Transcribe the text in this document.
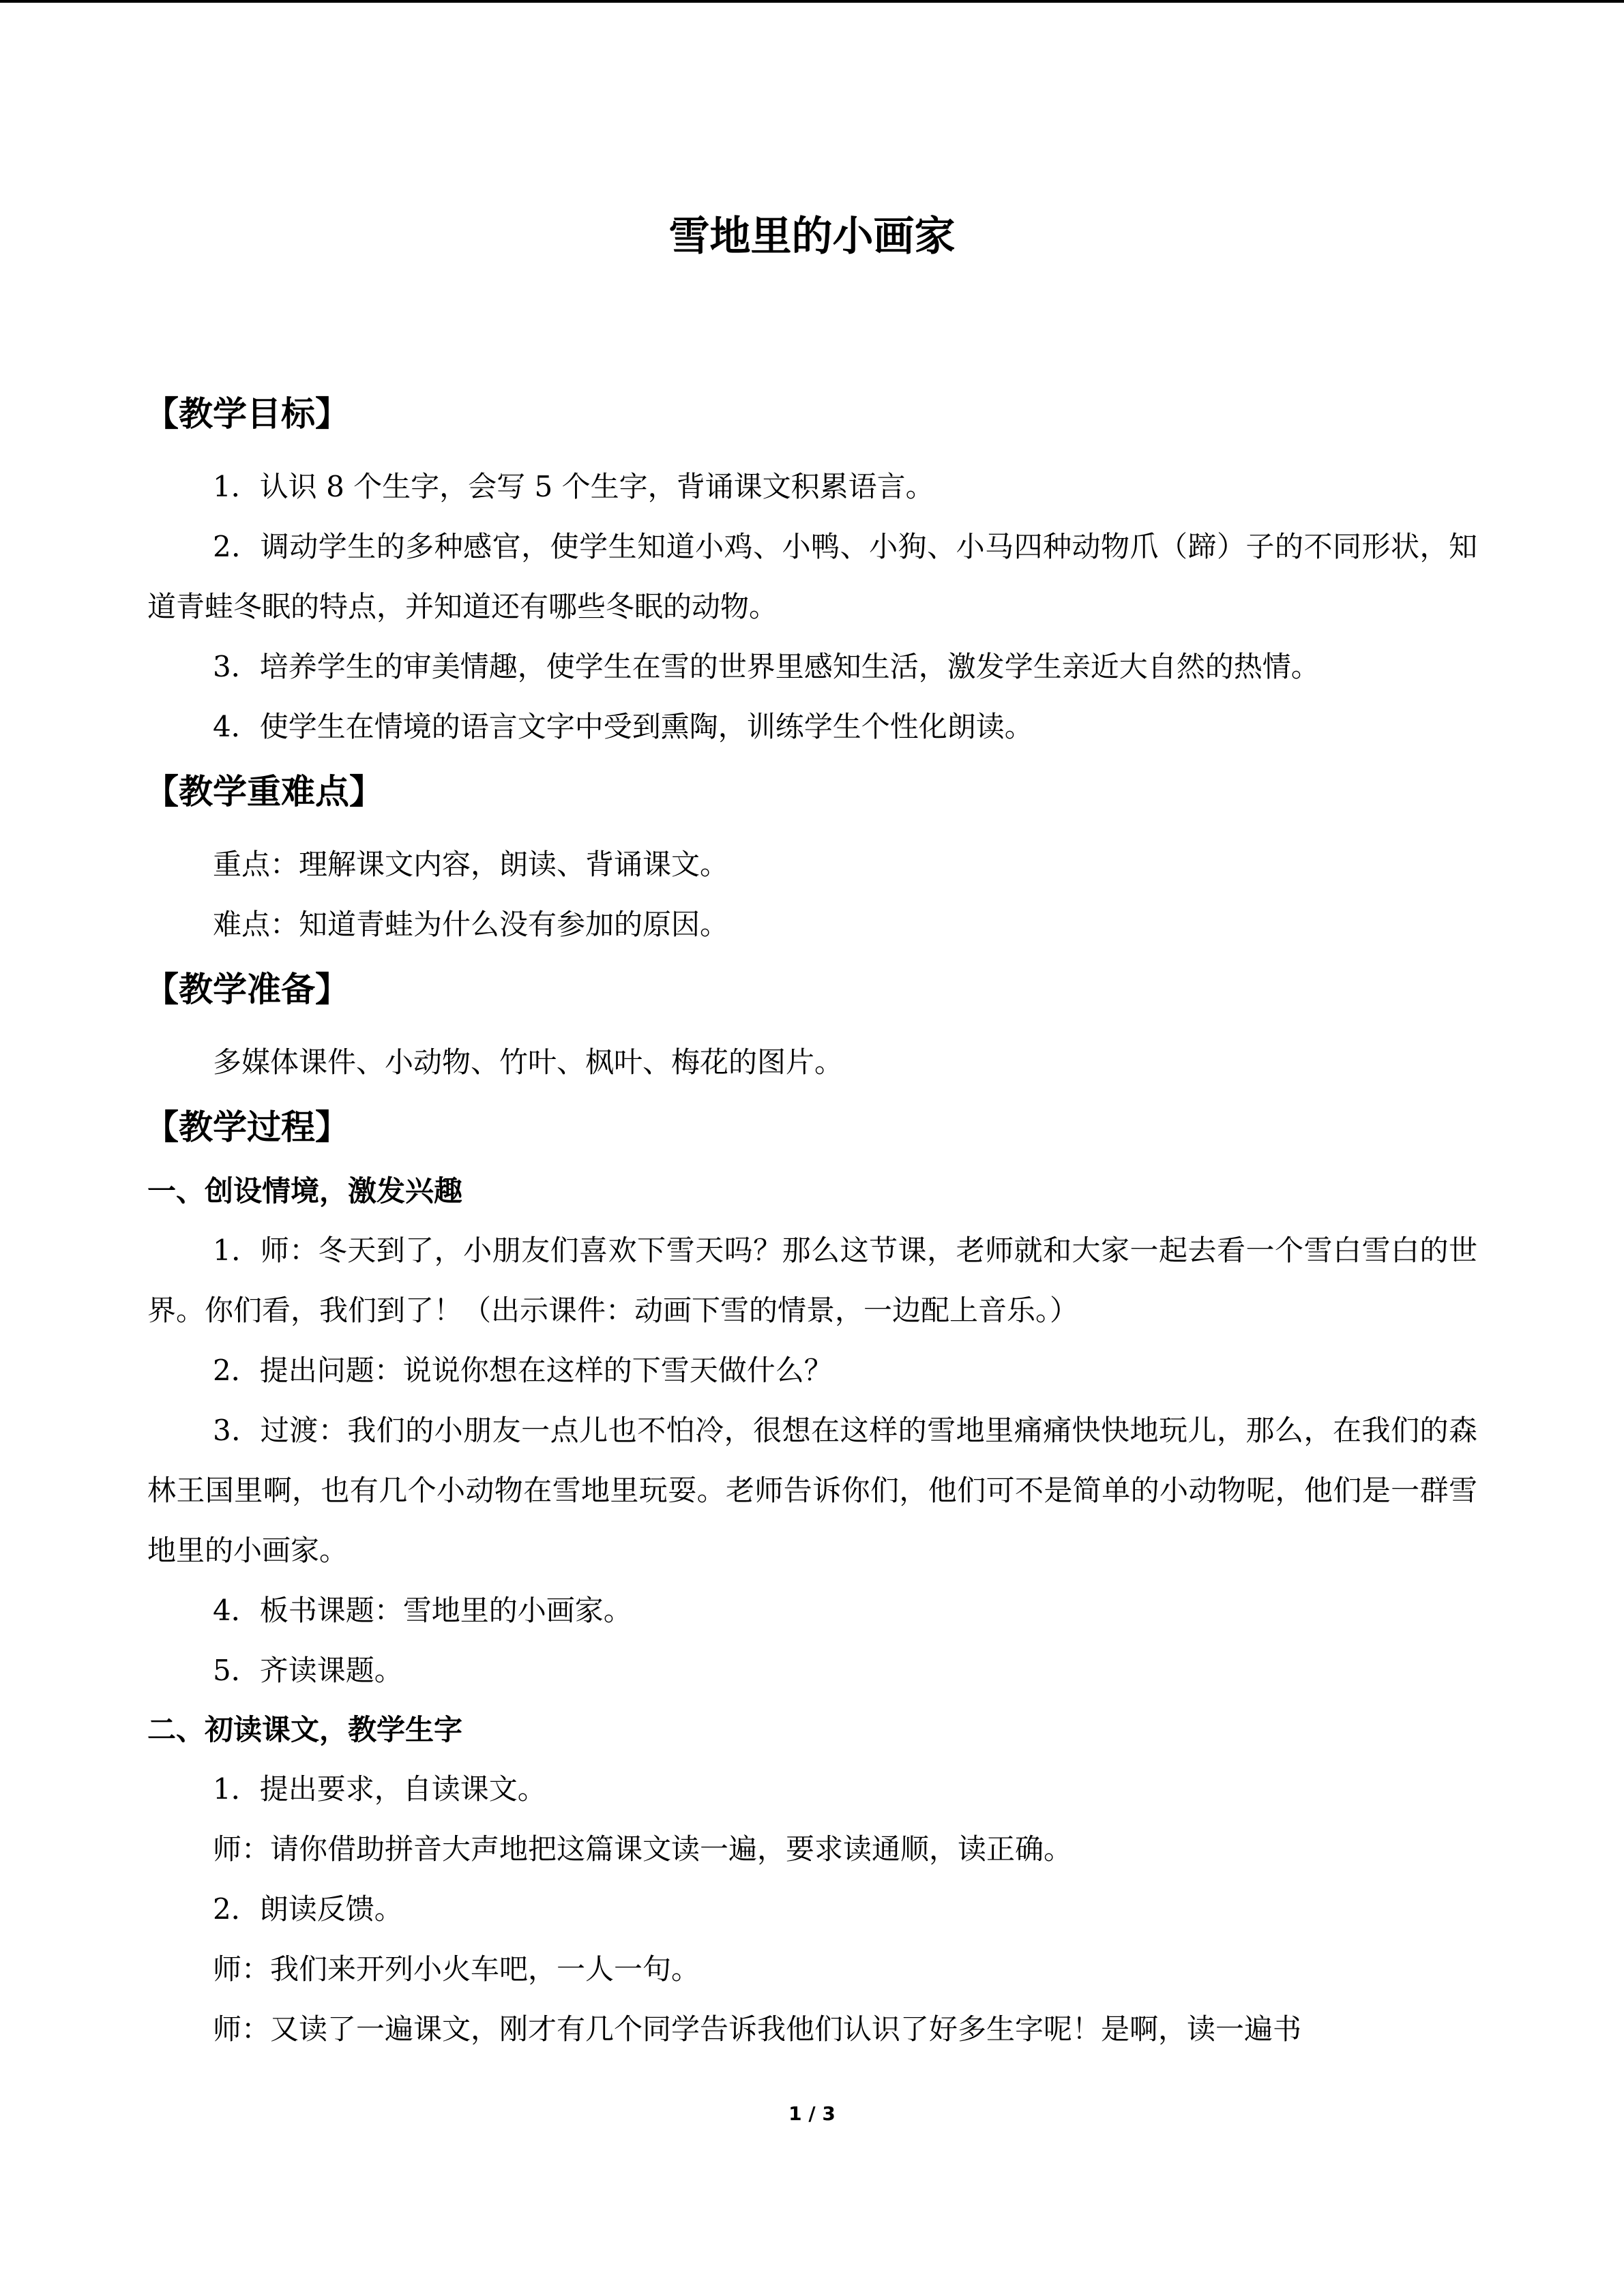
雪地里的小画家
【教学目标】

1．认识 8 个生字，会写 5 个生字，背诵课文积累语言。

2．调动学生的多种感官，使学生知道小鸡、小鸭、小狗、小马四种动物爪（蹄）子的不同形状，知道青蛙冬眠的特点，并知道还有哪些冬眠的动物。

3．培养学生的审美情趣，使学生在雪的世界里感知生活，激发学生亲近大自然的热情。

4．使学生在情境的语言文字中受到熏陶，训练学生个性化朗读。

【教学重难点】

重点：理解课文内容，朗读、背诵课文。

难点：知道青蛙为什么没有参加的原因。

【教学准备】

多媒体课件、小动物、竹叶、枫叶、梅花的图片。

【教学过程】
一、创设情境，激发兴趣

1．师：冬天到了，小朋友们喜欢下雪天吗？那么这节课，老师就和大家一起去看一个雪白雪白的世界。你们看，我们到了！（出示课件：动画下雪的情景，一边配上音乐。）

2．提出问题：说说你想在这样的下雪天做什么？

3．过渡：我们的小朋友一点儿也不怕冷，很想在这样的雪地里痛痛快快地玩儿，那么，在我们的森林王国里啊，也有几个小动物在雪地里玩耍。老师告诉你们，他们可不是简单的小动物呢，他们是一群雪地里的小画家。

4．板书课题：雪地里的小画家。

5．齐读课题。

二、初读课文，教学生字

1．提出要求，自读课文。

师：请你借助拼音大声地把这篇课文读一遍，要求读通顺，读正确。

2．朗读反馈。

师：我们来开列小火车吧，一人一句。

师：又读了一遍课文，刚才有几个同学告诉我他们认识了好多生字呢！是啊，读一遍书

1 / 3
